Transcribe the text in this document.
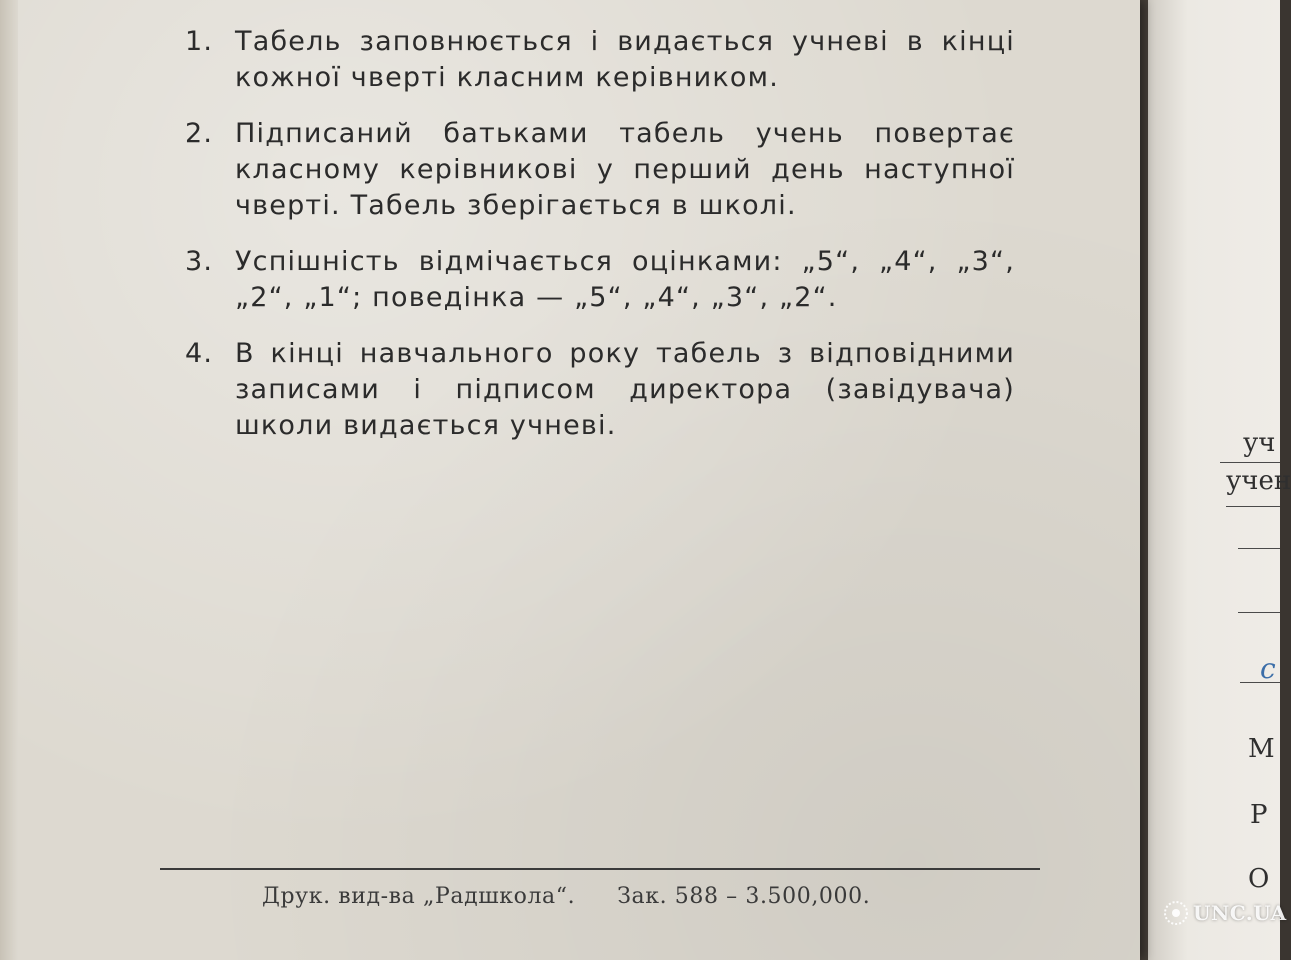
уч
учен
с
М
Р
О
1. Табель заповнюється і видається учневі в кінці кожної чверті класним керівником.
2. Підписаний батьками табель учень повертає класному керівникові у перший день наступної чверті. Табель зберігається в школі.
3. Успішність відмічається оцінками: „5“, „4“, „3“, „2“, „1“; поведінка — „5“, „4“, „3“, „2“.
4. В кінці навчального року табель з відповідними записами і підписом директора (завідувача) школи видається учневі.
Друк. вид-ва „Радшкола“. Зак. 588 – 3.500,000.
UNC.UA
